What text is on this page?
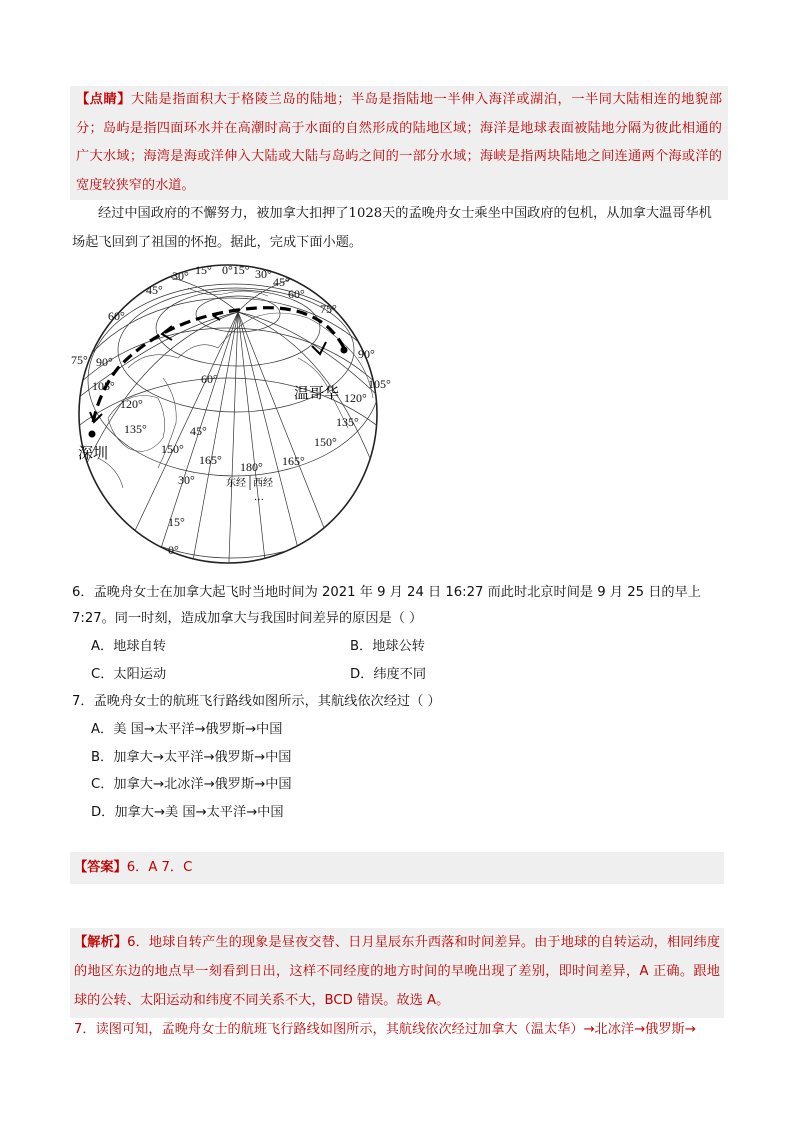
【点睛】大陆是指面积大于格陵兰岛的陆地；半岛是指陆地一半伸入海洋或湖泊，一半同大陆相连的地貌部分；岛屿是指四面环水并在高潮时高于水面的自然形成的陆地区域；海洋是地球表面被陆地分隔为彼此相通的广大水域；海湾是海或洋伸入大陆或大陆与岛屿之间的一部分水域；海峡是指两块陆地之间连通两个海或洋的宽度较狭窄的水道。

经过中国政府的不懈努力，被加拿大扣押了1028天的孟晚舟女士乘坐中国政府的包机，从加拿大温哥华机场起飞回到了祖国的怀抱。据此，完成下面小题。
30° 15° 0°15° 30°
45°
60°
75°
90°
105°
120°
135°
150°
165°
180°
165°
150°
135°
120°
105°
90°
75°
60°
45°
60°
45°
30°
15°
0°
深圳
温哥华
东经 西经
…
6．孟晚舟女士在加拿大起飞时当地时间为 2021 年 9 月 24 日 16:27 而此时北京时间是 9 月 25 日的早上
7:27。同一时刻，造成加拿大与我国时间差异的原因是（ ）
A．地球自转	B．地球公转
C．太阳运动	D．纬度不同
7．孟晚舟女士的航班飞行路线如图所示，其航线依次经过（ ）
A．美 国→太平洋→俄罗斯→中国
B．加拿大→太平洋→俄罗斯→中国
C．加拿大→北冰洋→俄罗斯→中国
D．加拿大→美 国→太平洋→中国
【答案】6．A 7．C

【解析】6．地球自转产生的现象是昼夜交替、日月星辰东升西落和时间差异。由于地球的自转运动，相同纬度的地区东边的地点早一刻看到日出，这样不同经度的地方时间的早晚出现了差别，即时间差异，A 正确。跟地球的公转、太阳运动和纬度不同关系不大，BCD 错误。故选 A。

7．读图可知，孟晚舟女士的航班飞行路线如图所示，其航线依次经过加拿大（温太华）→北冰洋→俄罗斯→
